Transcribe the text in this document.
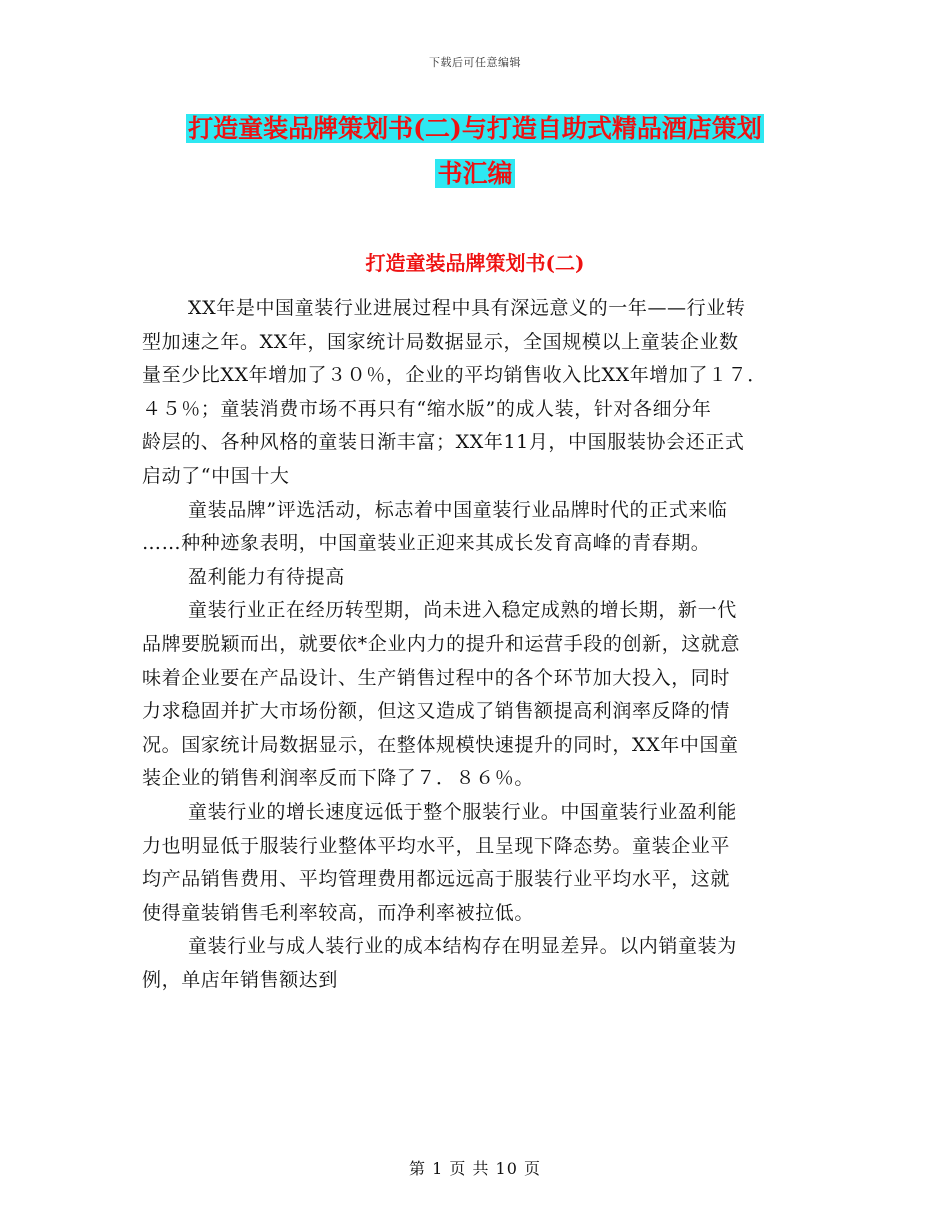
下载后可任意编辑
打造童装品牌策划书(二)与打造自助式精品酒店策划
书汇编
打造童装品牌策划书(二)
XX年是中国童装行业进展过程中具有深远意义的一年——行业转
型加速之年。XX年，国家统计局数据显示，全国规模以上童装企业数
量至少比XX年增加了３０％，企业的平均销售收入比XX年增加了１７．
４５％；童装消费市场不再只有“缩水版”的成人装，针对各细分年
龄层的、各种风格的童装日渐丰富；XX年11月，中国服装协会还正式
启动了“中国十大
童装品牌”评选活动，标志着中国童装行业品牌时代的正式来临
……种种迹象表明，中国童装业正迎来其成长发育高峰的青春期。
盈利能力有待提高
童装行业正在经历转型期，尚未进入稳定成熟的增长期，新一代
品牌要脱颖而出，就要依*企业内力的提升和运营手段的创新，这就意
味着企业要在产品设计、生产销售过程中的各个环节加大投入，同时
力求稳固并扩大市场份额，但这又造成了销售额提高利润率反降的情
况。国家统计局数据显示，在整体规模快速提升的同时，XX年中国童
装企业的销售利润率反而下降了７．８６％。
童装行业的增长速度远低于整个服装行业。中国童装行业盈利能
力也明显低于服装行业整体平均水平，且呈现下降态势。童装企业平
均产品销售费用、平均管理费用都远远高于服装行业平均水平，这就
使得童装销售毛利率较高，而净利率被拉低。
童装行业与成人装行业的成本结构存在明显差异。以内销童装为
例，单店年销售额达到
第 1 页 共 10 页
